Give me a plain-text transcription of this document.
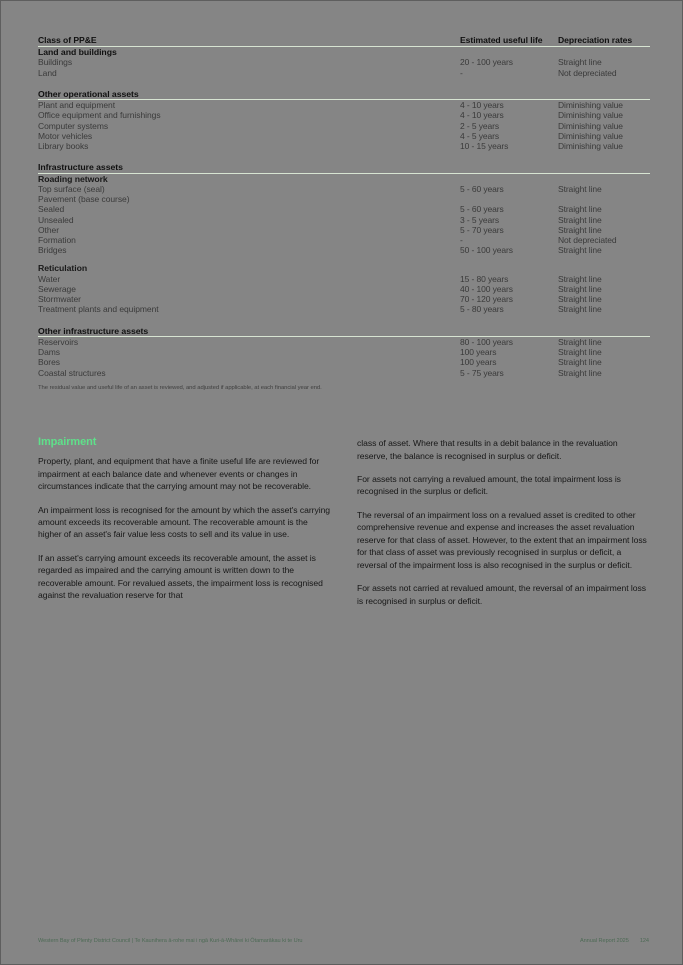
Class of PP&E	Estimated useful life	Depreciation rates
Land and buildings		
Buildings	20 - 100 years	Straight line
Land	-	Not depreciated

Other operational assets		
Plant and equipment	4 - 10 years	Diminishing value
Office equipment and furnishings	4 - 10 years	Diminishing value
Computer systems	2 - 5 years	Diminishing value
Motor vehicles	4 - 5 years	Diminishing value
Library books	10 - 15 years	Diminishing value

Infrastructure assets		
Roading network		
Top surface (seal)	5 - 60 years	Straight line
Pavement (base course)		
Sealed	5 - 60 years	Straight line
Unsealed	3 - 5 years	Straight line
Other	5 - 70 years	Straight line
Formation	-	Not depreciated
Bridges	50 - 100 years	Straight line

Reticulation		
Water	15 - 80 years	Straight line
Sewerage	40 - 100 years	Straight line
Stormwater	70 - 120 years	Straight line
Treatment plants and equipment	5 - 80 years	Straight line

Other infrastructure assets		
Reservoirs	80 - 100 years	Straight line
Dams	100 years	Straight line
Bores	100 years	Straight line
Coastal structures	5 - 75 years	Straight line
The residual value and useful life of an asset is reviewed, and adjusted if applicable, at each financial year end.
Impairment

Property, plant, and equipment that have a finite useful life are reviewed for impairment at each balance date and whenever events or changes in circumstances indicate that the carrying amount may not be recoverable.

An impairment loss is recognised for the amount by which the asset's carrying amount exceeds its recoverable amount. The recoverable amount is the higher of an asset's fair value less costs to sell and its value in use.

If an asset's carrying amount exceeds its recoverable amount, the asset is regarded as impaired and the carrying amount is written down to the recoverable amount. For revalued assets, the impairment loss is recognised against the revaluation reserve for that

class of asset. Where that results in a debit balance in the revaluation reserve, the balance is recognised in surplus or deficit.

For assets not carrying a revalued amount, the total impairment loss is recognised in the surplus or deficit.

The reversal of an impairment loss on a revalued asset is credited to other comprehensive revenue and expense and increases the asset revaluation reserve for that class of asset. However, to the extent that an impairment loss for that class of asset was previously recognised in surplus or deficit, a reversal of the impairment loss is also recognised in the surplus or deficit.

For assets not carried at revalued amount, the reversal of an impairment loss is recognised in surplus or deficit.

Western Bay of Plenty District Council | Te Kaunihera ā-rohe mai i ngā Kuri-ā-Whārei ki Ōtamarākau ki te Uru	Annual Report 2025 124
